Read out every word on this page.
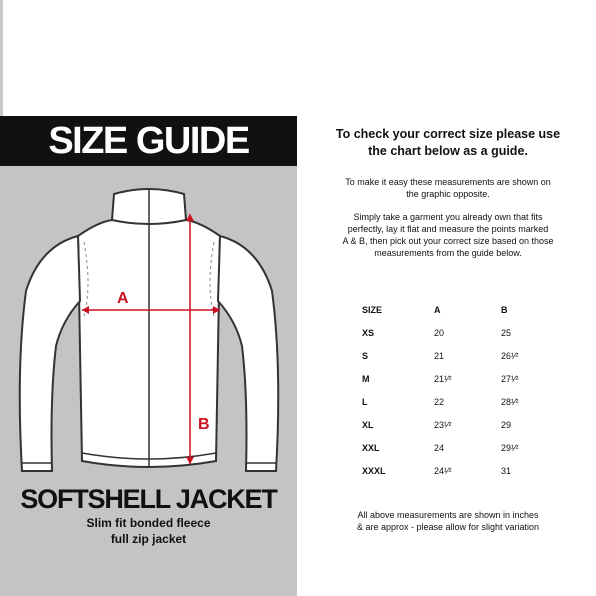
SIZE GUIDE
A
B
SOFTSHELL JACKET
Slim fit bonded fleece
full zip jacket
To check your correct size please use
the chart below as a guide.
To make it easy these measurements are shown on
the graphic opposite.
Simply take a garment you already own that fits
perfectly, lay it flat and measure the points marked
A & B, then pick out your correct size based on those
measurements from the guide below.
SIZE	A	B
XS	20	25
S	21	26¹⁄²
M	21¹⁄²	27¹⁄²
L	22	28¹⁄²
XL	23¹⁄²	29
XXL	24	29¹⁄²
XXXL	24¹⁄²	31
All above measurements are shown in inches
& are approx - please allow for slight variation
